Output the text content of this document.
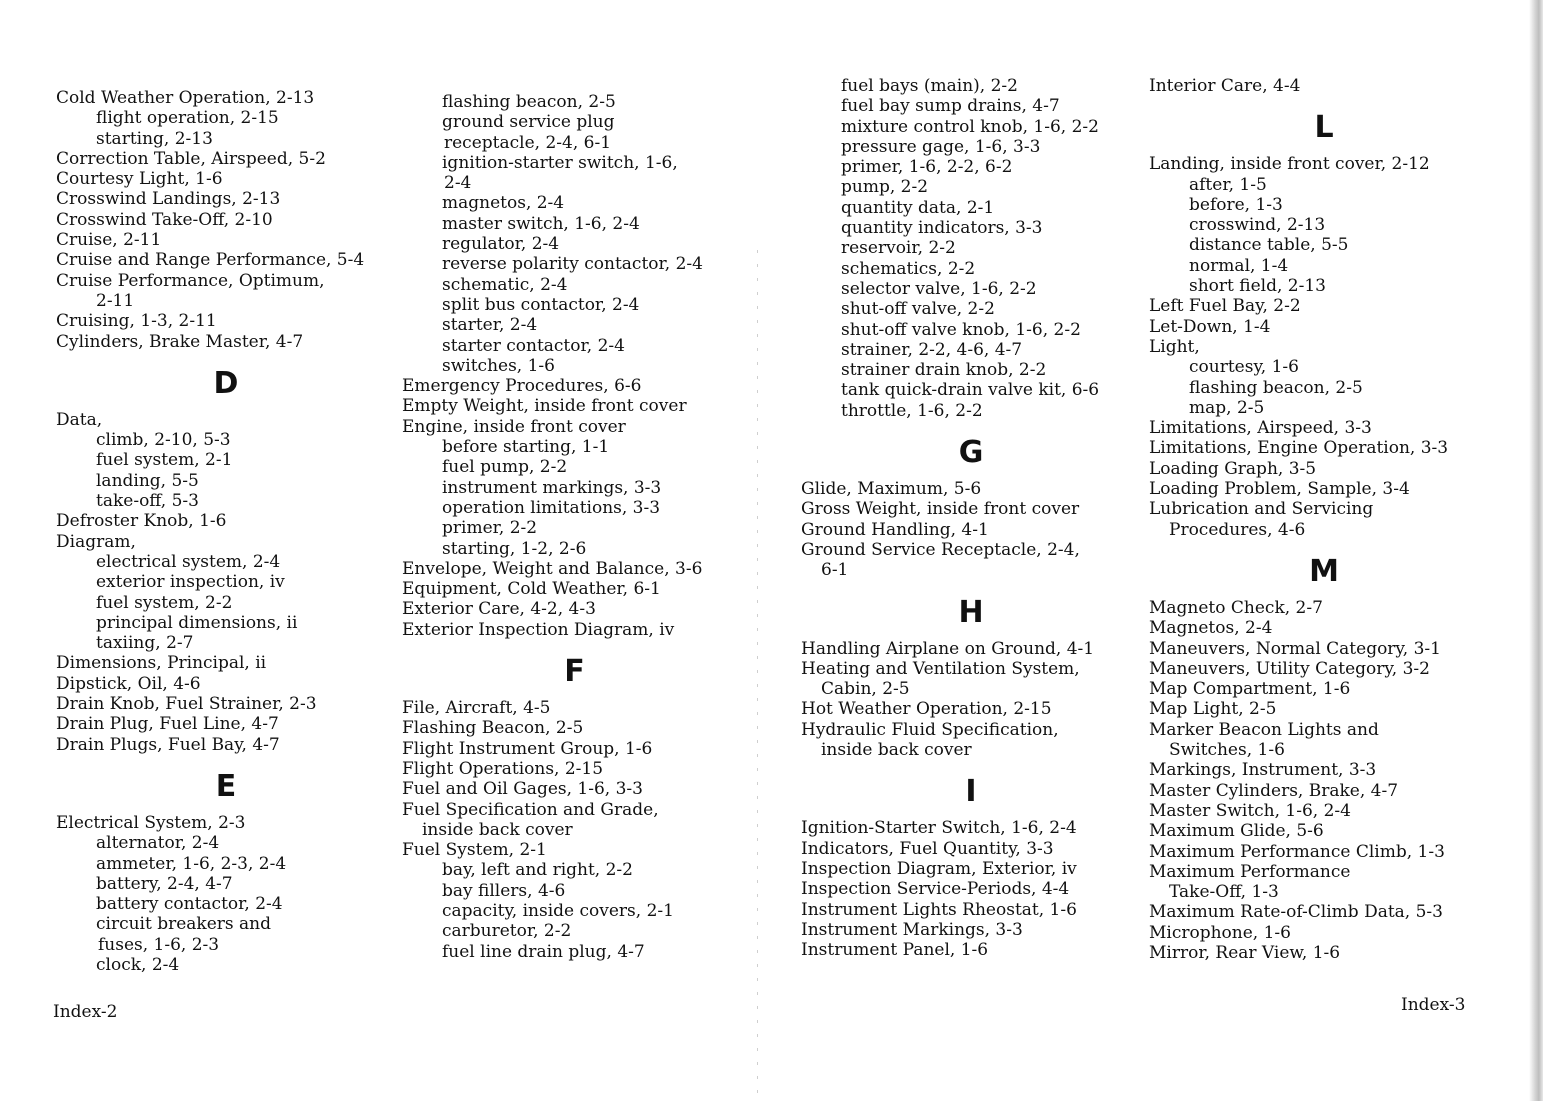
Cold Weather Operation, 2-13
flight operation, 2-15
starting, 2-13
Correction Table, Airspeed, 5-2
Courtesy Light, 1-6
Crosswind Landings, 2-13
Crosswind Take-Off, 2-10
Cruise, 2-11
Cruise and Range Performance, 5-4
Cruise Performance, Optimum,
2-11
Cruising, 1-3, 2-11
Cylinders, Brake Master, 4-7
D
Data,
climb, 2-10, 5-3
fuel system, 2-1
landing, 5-5
take-off, 5-3
Defroster Knob, 1-6
Diagram,
electrical system, 2-4
exterior inspection, iv
fuel system, 2-2
principal dimensions, ii
taxiing, 2-7
Dimensions, Principal, ii
Dipstick, Oil, 4-6
Drain Knob, Fuel Strainer, 2-3
Drain Plug, Fuel Line, 4-7
Drain Plugs, Fuel Bay, 4-7
E
Electrical System, 2-3
alternator, 2-4
ammeter, 1-6, 2-3, 2-4
battery, 2-4, 4-7
battery contactor, 2-4
circuit breakers and
fuses, 1-6, 2-3
clock, 2-4
flashing beacon, 2-5
ground service plug
receptacle, 2-4, 6-1
ignition-starter switch, 1-6,
2-4
magnetos, 2-4
master switch, 1-6, 2-4
regulator, 2-4
reverse polarity contactor, 2-4
schematic, 2-4
split bus contactor, 2-4
starter, 2-4
starter contactor, 2-4
switches, 1-6
Emergency Procedures, 6-6
Empty Weight, inside front cover
Engine, inside front cover
before starting, 1-1
fuel pump, 2-2
instrument markings, 3-3
operation limitations, 3-3
primer, 2-2
starting, 1-2, 2-6
Envelope, Weight and Balance, 3-6
Equipment, Cold Weather, 6-1
Exterior Care, 4-2, 4-3
Exterior Inspection Diagram, iv
F
File, Aircraft, 4-5
Flashing Beacon, 2-5
Flight Instrument Group, 1-6
Flight Operations, 2-15
Fuel and Oil Gages, 1-6, 3-3
Fuel Specification and Grade,
inside back cover
Fuel System, 2-1
bay, left and right, 2-2
bay fillers, 4-6
capacity, inside covers, 2-1
carburetor, 2-2
fuel line drain plug, 4-7
fuel bays (main), 2-2
fuel bay sump drains, 4-7
mixture control knob, 1-6, 2-2
pressure gage, 1-6, 3-3
primer, 1-6, 2-2, 6-2
pump, 2-2
quantity data, 2-1
quantity indicators, 3-3
reservoir, 2-2
schematics, 2-2
selector valve, 1-6, 2-2
shut-off valve, 2-2
shut-off valve knob, 1-6, 2-2
strainer, 2-2, 4-6, 4-7
strainer drain knob, 2-2
tank quick-drain valve kit, 6-6
throttle, 1-6, 2-2
G
Glide, Maximum, 5-6
Gross Weight, inside front cover
Ground Handling, 4-1
Ground Service Receptacle, 2-4,
6-1
H
Handling Airplane on Ground, 4-1
Heating and Ventilation System,
Cabin, 2-5
Hot Weather Operation, 2-15
Hydraulic Fluid Specification,
inside back cover
I
Ignition-Starter Switch, 1-6, 2-4
Indicators, Fuel Quantity, 3-3
Inspection Diagram, Exterior, iv
Inspection Service-Periods, 4-4
Instrument Lights Rheostat, 1-6
Instrument Markings, 3-3
Instrument Panel, 1-6
Interior Care, 4-4
L
Landing, inside front cover, 2-12
after, 1-5
before, 1-3
crosswind, 2-13
distance table, 5-5
normal, 1-4
short field, 2-13
Left Fuel Bay, 2-2
Let-Down, 1-4
Light,
courtesy, 1-6
flashing beacon, 2-5
map, 2-5
Limitations, Airspeed, 3-3
Limitations, Engine Operation, 3-3
Loading Graph, 3-5
Loading Problem, Sample, 3-4
Lubrication and Servicing
Procedures, 4-6
M
Magneto Check, 2-7
Magnetos, 2-4
Maneuvers, Normal Category, 3-1
Maneuvers, Utility Category, 3-2
Map Compartment, 1-6
Map Light, 2-5
Marker Beacon Lights and
Switches, 1-6
Markings, Instrument, 3-3
Master Cylinders, Brake, 4-7
Master Switch, 1-6, 2-4
Maximum Glide, 5-6
Maximum Performance Climb, 1-3
Maximum Performance
Take-Off, 1-3
Maximum Rate-of-Climb Data, 5-3
Microphone, 1-6
Mirror, Rear View, 1-6
Index-2	Index-3
